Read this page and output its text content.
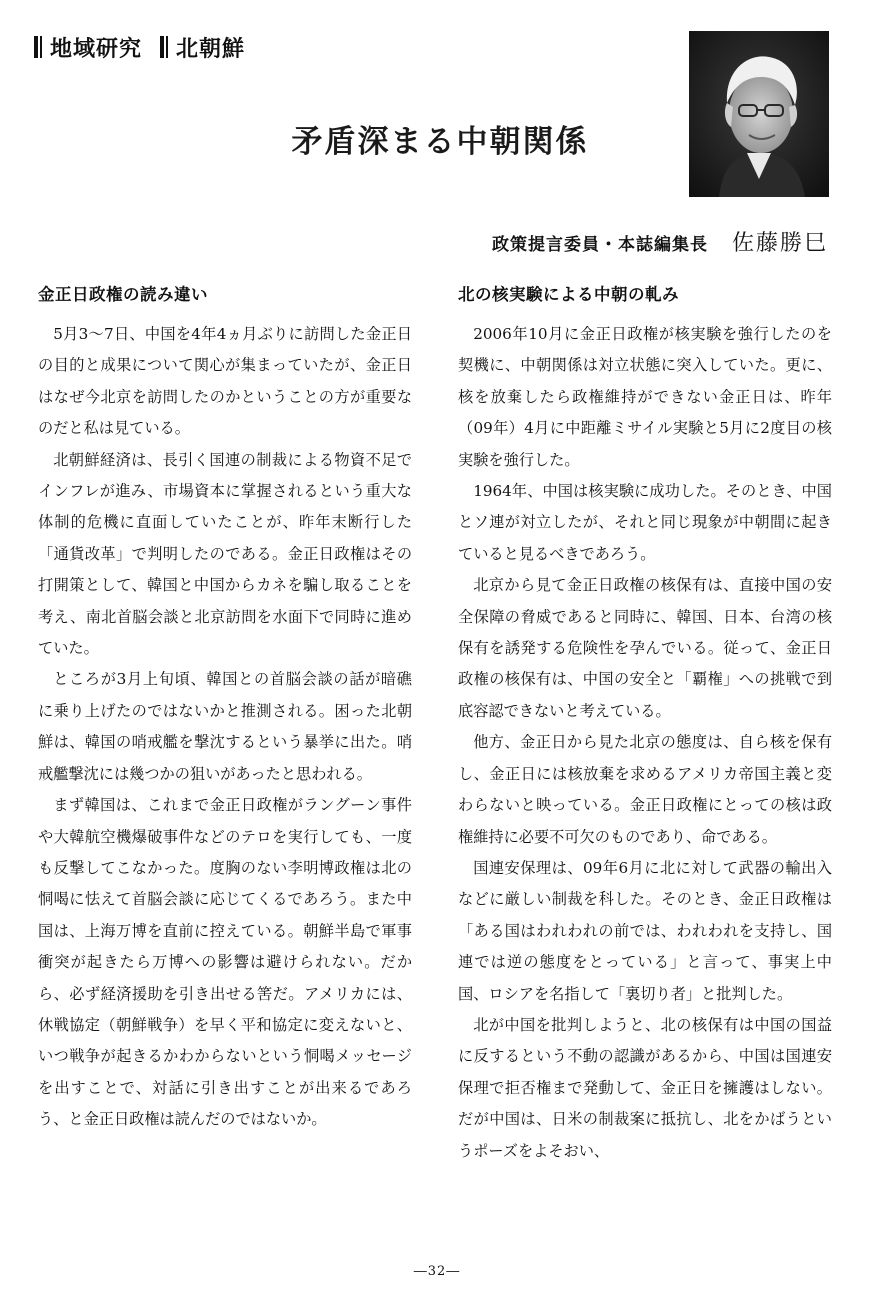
地域研究 北朝鮮
矛盾深まる中朝関係
政策提言委員・本誌編集長 佐藤勝巳
金正日政権の読み違い

5月3～7日、中国を4年4ヵ月ぶりに訪問した金正日の目的と成果について関心が集まっていたが、金正日はなぜ今北京を訪問したのかということの方が重要なのだと私は見ている。

北朝鮮経済は、長引く国連の制裁による物資不足でインフレが進み、市場資本に掌握されるという重大な体制的危機に直面していたことが、昨年末断行した「通貨改革」で判明したのである。金正日政権はその打開策として、韓国と中国からカネを騙し取ることを考え、南北首脳会談と北京訪問を水面下で同時に進めていた。

ところが3月上旬頃、韓国との首脳会談の話が暗礁に乗り上げたのではないかと推測される。困った北朝鮮は、韓国の哨戒艦を撃沈するという暴挙に出た。哨戒艦撃沈には幾つかの狙いがあったと思われる。

まず韓国は、これまで金正日政権がラングーン事件や大韓航空機爆破事件などのテロを実行しても、一度も反撃してこなかった。度胸のない李明博政権は北の恫喝に怯えて首脳会談に応じてくるであろう。また中国は、上海万博を直前に控えている。朝鮮半島で軍事衝突が起きたら万博への影響は避けられない。だから、必ず経済援助を引き出せる筈だ。アメリカには、休戦協定（朝鮮戦争）を早く平和協定に変えないと、いつ戦争が起きるかわからないという恫喝メッセージを出すことで、対話に引き出すことが出来るであろう、と金正日政権は読んだのではないか。

北の核実験による中朝の軋み

2006年10月に金正日政権が核実験を強行したのを契機に、中朝関係は対立状態に突入していた。更に、核を放棄したら政権維持ができない金正日は、昨年（09年）4月に中距離ミサイル実験と5月に2度目の核実験を強行した。

1964年、中国は核実験に成功した。そのとき、中国とソ連が対立したが、それと同じ現象が中朝間に起きていると見るべきであろう。

北京から見て金正日政権の核保有は、直接中国の安全保障の脅威であると同時に、韓国、日本、台湾の核保有を誘発する危険性を孕んでいる。従って、金正日政権の核保有は、中国の安全と「覇権」への挑戦で到底容認できないと考えている。

他方、金正日から見た北京の態度は、自ら核を保有し、金正日には核放棄を求めるアメリカ帝国主義と変わらないと映っている。金正日政権にとっての核は政権維持に必要不可欠のものであり、命である。

国連安保理は、09年6月に北に対して武器の輸出入などに厳しい制裁を科した。そのとき、金正日政権は「ある国はわれわれの前では、われわれを支持し、国連では逆の態度をとっている」と言って、事実上中国、ロシアを名指して「裏切り者」と批判した。

北が中国を批判しようと、北の核保有は中国の国益に反するという不動の認識があるから、中国は国連安保理で拒否権まで発動して、金正日を擁護はしない。だが中国は、日米の制裁案に抵抗し、北をかばうというポーズをよそおい、

―32―
